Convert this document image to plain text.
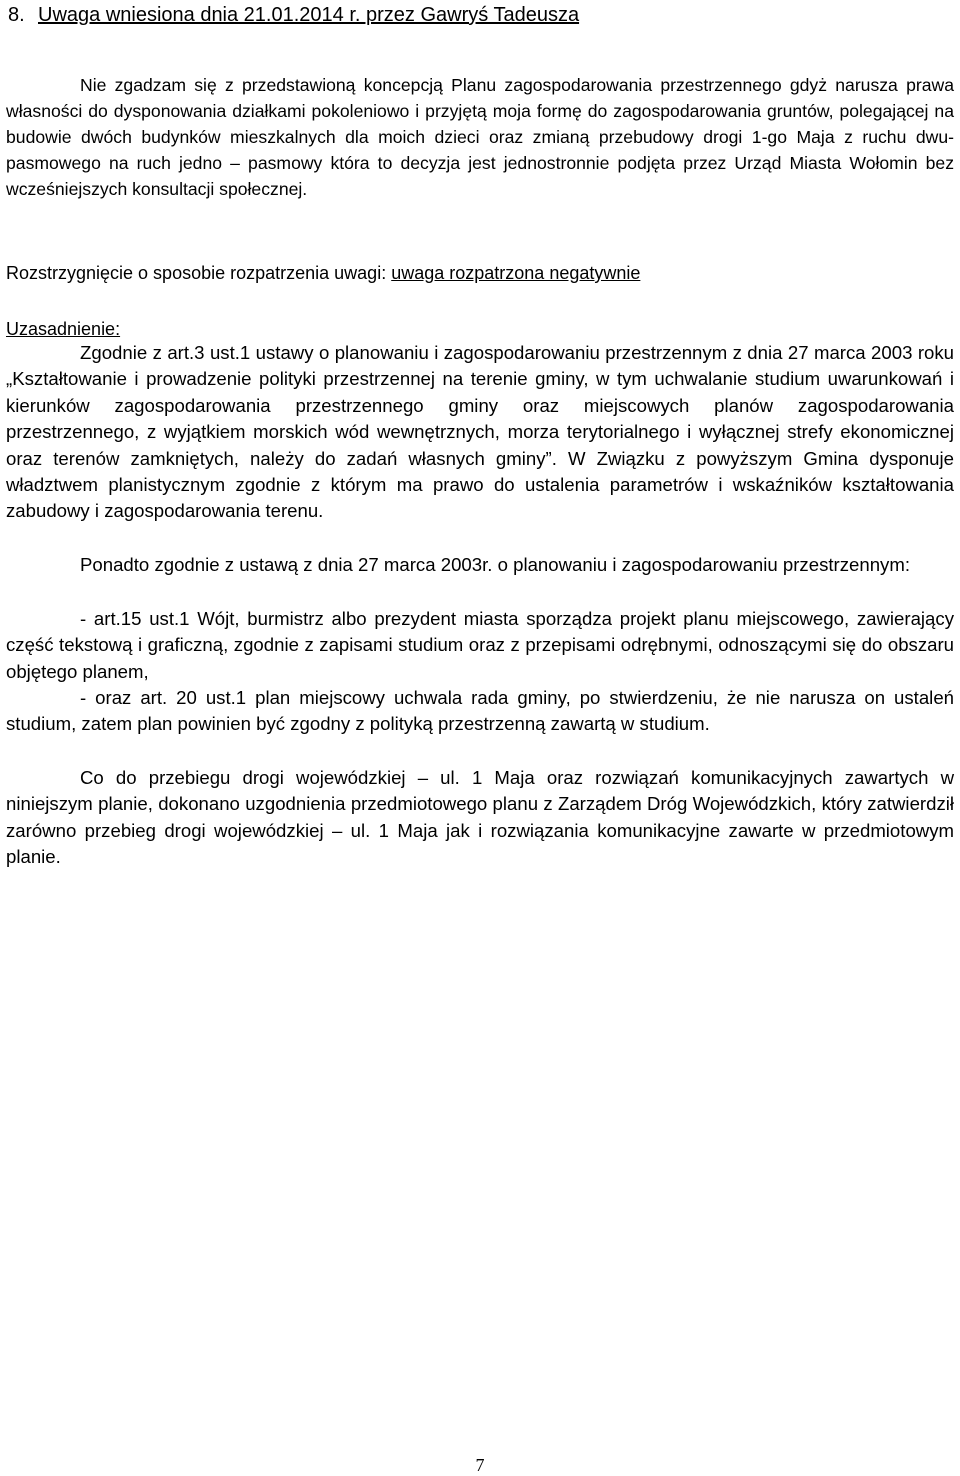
8. Uwaga wniesiona dnia 21.01.2014 r. przez Gawryś Tadeusza
Nie zgadzam się z przedstawioną koncepcją Planu zagospodarowania przestrzennego gdyż narusza prawa własności do dysponowania działkami pokoleniowo i przyjętą moja formę do zagospodarowania gruntów, polegającej na budowie dwóch budynków mieszkalnych dla moich dzieci oraz zmianą przebudowy drogi 1-go Maja z ruchu dwu- pasmowego na ruch jedno – pasmowy która to decyzja jest jednostronnie podjęta przez Urząd Miasta Wołomin bez wcześniejszych konsultacji społecznej.
Rozstrzygnięcie o sposobie rozpatrzenia uwagi: uwaga rozpatrzona negatywnie
Uzasadnienie:
Zgodnie z art.3 ust.1 ustawy o planowaniu i zagospodarowaniu przestrzennym z dnia 27 marca 2003 roku „Kształtowanie i prowadzenie polityki przestrzennej na terenie gminy, w tym uchwalanie studium uwarunkowań i kierunków zagospodarowania przestrzennego gminy oraz miejscowych planów zagospodarowania przestrzennego, z wyjątkiem morskich wód wewnętrznych, morza terytorialnego i wyłącznej strefy ekonomicznej oraz terenów zamkniętych, należy do zadań własnych gminy”. W Związku z powyższym Gmina dysponuje władztwem planistycznym zgodnie z którym ma prawo do ustalenia parametrów i wskaźników kształtowania zabudowy i zagospodarowania terenu.
Ponadto zgodnie z ustawą z dnia 27 marca 2003r. o planowaniu i zagospodarowaniu przestrzennym:
- art.15 ust.1 Wójt, burmistrz albo prezydent miasta sporządza projekt planu miejscowego, zawierający część tekstową i graficzną, zgodnie z zapisami studium oraz z przepisami odrębnymi, odnoszącymi się do obszaru objętego planem,
- oraz art. 20 ust.1 plan miejscowy uchwala rada gminy, po stwierdzeniu, że nie narusza on ustaleń studium, zatem plan powinien być zgodny z polityką przestrzenną zawartą w studium.
Co do przebiegu drogi wojewódzkiej – ul. 1 Maja oraz rozwiązań komunikacyjnych zawartych w niniejszym planie, dokonano uzgodnienia przedmiotowego planu z Zarządem Dróg Wojewódzkich, który zatwierdził zarówno przebieg drogi wojewódzkiej – ul. 1 Maja jak i rozwiązania komunikacyjne zawarte w przedmiotowym planie.
7
